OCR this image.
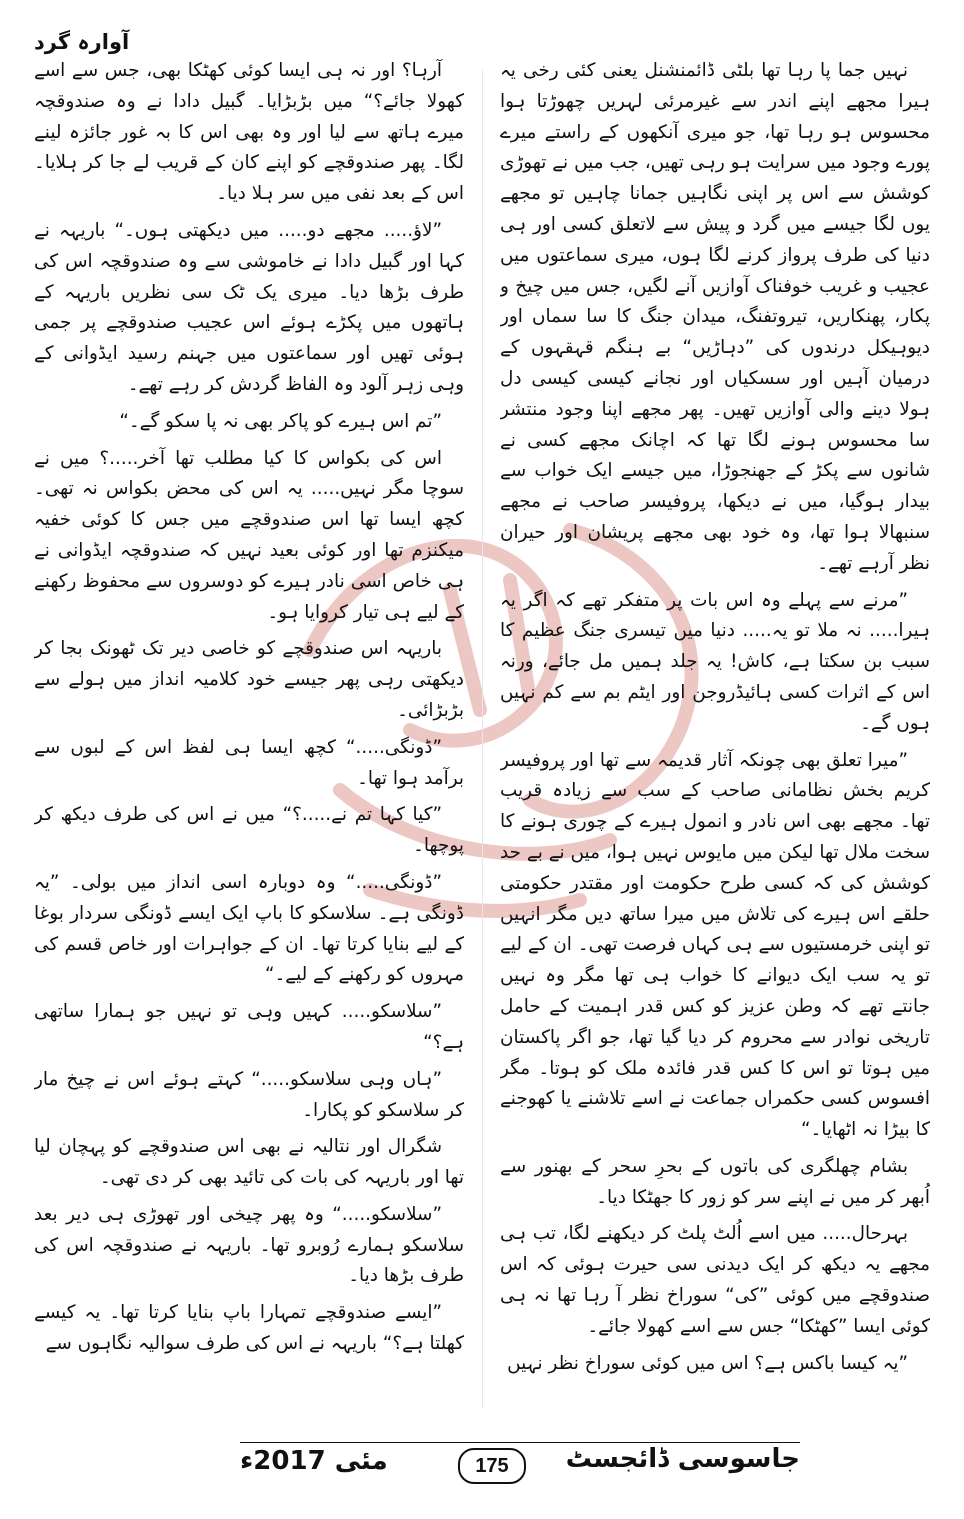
آوارہ گرد

نہیں جما پا رہا تھا بلٹی ڈائمنشنل یعنی کئی رخی یہ ہیرا مجھے اپنے اندر سے غیرمرئی لہریں چھوڑتا ہوا محسوس ہو رہا تھا، جو میری آنکھوں کے راستے میرے پورے وجود میں سرایت ہو رہی تھیں، جب میں نے تھوڑی کوشش سے اس پر اپنی نگاہیں جمانا چاہیں تو مجھے یوں لگا جیسے میں گرد و پیش سے لاتعلق کسی اور ہی دنیا کی طرف پرواز کرنے لگا ہوں، میری سماعتوں میں عجیب و غریب خوفناک آوازیں آنے لگیں، جس میں چیخ و پکار، پھنکاریں، تیروتفنگ، میدان جنگ کا سا سماں اور دیوہیکل درندوں کی ”دہاڑیں“ بے ہنگم قہقہوں کے درمیان آہیں اور سسکیاں اور نجانے کیسی کیسی دل ہولا دینے والی آوازیں تھیں۔ پھر مجھے اپنا وجود منتشر سا محسوس ہونے لگا تھا کہ اچانک مجھے کسی نے شانوں سے پکڑ کے جھنجوڑا، میں جیسے ایک خواب سے بیدار ہوگیا، میں نے دیکھا، پروفیسر صاحب نے مجھے سنبھالا ہوا تھا، وہ خود بھی مجھے پریشان اور حیران نظر آرہے تھے۔

”مرنے سے پہلے وہ اس بات پر متفکر تھے کہ اگر یہ ہیرا..... نہ ملا تو یہ..... دنیا میں تیسری جنگ عظیم کا سبب بن سکتا ہے، کاش! یہ جلد ہمیں مل جائے، ورنہ اس کے اثرات کسی ہائیڈروجن اور ایٹم بم سے کم نہیں ہوں گے۔

”میرا تعلق بھی چونکہ آثار قدیمہ سے تھا اور پروفیسر کریم بخش نظامانی صاحب کے سب سے زیادہ قریب تھا۔ مجھے بھی اس نادر و انمول ہیرے کے چوری ہونے کا سخت ملال تھا لیکن میں مایوس نہیں ہوا، میں نے بے حد کوشش کی کہ کسی طرح حکومت اور مقتدر حکومتی حلقے اس ہیرے کی تلاش میں میرا ساتھ دیں مگر انہیں تو اپنی خرمستیوں سے ہی کہاں فرصت تھی۔ ان کے لیے تو یہ سب ایک دیوانے کا خواب ہی تھا مگر وہ نہیں جانتے تھے کہ وطن عزیز کو کس قدر اہمیت کے حامل تاریخی نوادر سے محروم کر دیا گیا تھا، جو اگر پاکستان میں ہوتا تو اس کا کس قدر فائدہ ملک کو ہوتا۔ مگر افسوس کسی حکمراں جماعت نے اسے تلاشنے یا کھوجنے کا بیڑا نہ اٹھایا۔“

بشام چھلگری کی باتوں کے بحرِ سحر کے بھنور سے اُبھر کر میں نے اپنے سر کو زور کا جھٹکا دیا۔

بہرحال..... میں اسے اُلٹ پلٹ کر دیکھنے لگا، تب ہی مجھے یہ دیکھ کر ایک دیدنی سی حیرت ہوئی کہ اس صندوقچے میں کوئی ”کی“ سوراخ نظر آ رہا تھا نہ ہی کوئی ایسا ”کھٹکا“ جس سے اسے کھولا جائے۔

”یہ کیسا باکس ہے؟ اس میں کوئی سوراخ نظر نہیں

آرہا؟ اور نہ ہی ایسا کوئی کھٹکا بھی، جس سے اسے کھولا جائے؟“ میں بڑبڑایا۔ گبیل دادا نے وہ صندوقچہ میرے ہاتھ سے لیا اور وہ بھی اس کا بہ غور جائزہ لینے لگا۔ پھر صندوقچے کو اپنے کان کے قریب لے جا کر ہلایا۔ اس کے بعد نفی میں سر ہلا دیا۔

”لاؤ..... مجھے دو..... میں دیکھتی ہوں۔“ باریہہ نے کہا اور گبیل دادا نے خاموشی سے وہ صندوقچہ اس کی طرف بڑھا دیا۔ میری یک ٹک سی نظریں باریہہ کے ہاتھوں میں پکڑے ہوئے اس عجیب صندوقچے پر جمی ہوئی تھیں اور سماعتوں میں جہنم رسید ایڈوانی کے وہی زہر آلود وہ الفاظ گردش کر رہے تھے۔

”تم اس ہیرے کو پاکر بھی نہ پا سکو گے۔“

اس کی بکواس کا کیا مطلب تھا آخر.....؟ میں نے سوچا مگر نہیں..... یہ اس کی محض بکواس نہ تھی۔ کچھ ایسا تھا اس صندوقچے میں جس کا کوئی خفیہ میکنزم تھا اور کوئی بعید نہیں کہ صندوقچہ ایڈوانی نے ہی خاص اسی نادر ہیرے کو دوسروں سے محفوظ رکھنے کے لیے ہی تیار کروایا ہو۔

باریہہ اس صندوقچے کو خاصی دیر تک ٹھونک بجا کر دیکھتی رہی پھر جیسے خود کلامیہ انداز میں ہولے سے بڑبڑائی۔

”ڈونگی.....“ کچھ ایسا ہی لفظ اس کے لبوں سے برآمد ہوا تھا۔

”کیا کہا تم نے.....؟“ میں نے اس کی طرف دیکھ کر پوچھا۔

”ڈونگی.....“ وہ دوبارہ اسی انداز میں بولی۔ ”یہ ڈونگی ہے۔ سلاسکو کا باپ ایک ایسے ڈونگی سردار بوغا کے لیے بنایا کرتا تھا۔ ان کے جواہرات اور خاص قسم کی مہروں کو رکھنے کے لیے۔“

”سلاسکو..... کہیں وہی تو نہیں جو ہمارا ساتھی ہے؟“

”ہاں وہی سلاسکو.....“ کہتے ہوئے اس نے چیخ مار کر سلاسکو کو پکارا۔

شگرال اور نتالیہ نے بھی اس صندوقچے کو پہچان لیا تھا اور باریہہ کی بات کی تائید بھی کر دی تھی۔

”سلاسکو.....“ وہ پھر چیخی اور تھوڑی ہی دیر بعد سلاسکو ہمارے رُوبرو تھا۔ باریہہ نے صندوقچہ اس کی طرف بڑھا دیا۔

”ایسے صندوقچے تمہارا باپ بنایا کرتا تھا۔ یہ کیسے کھلتا ہے؟“ باریہہ نے اس کی طرف سوالیہ نگاہوں سے

مئی 2017ء	175	جاسوسی ڈائجسٹ
